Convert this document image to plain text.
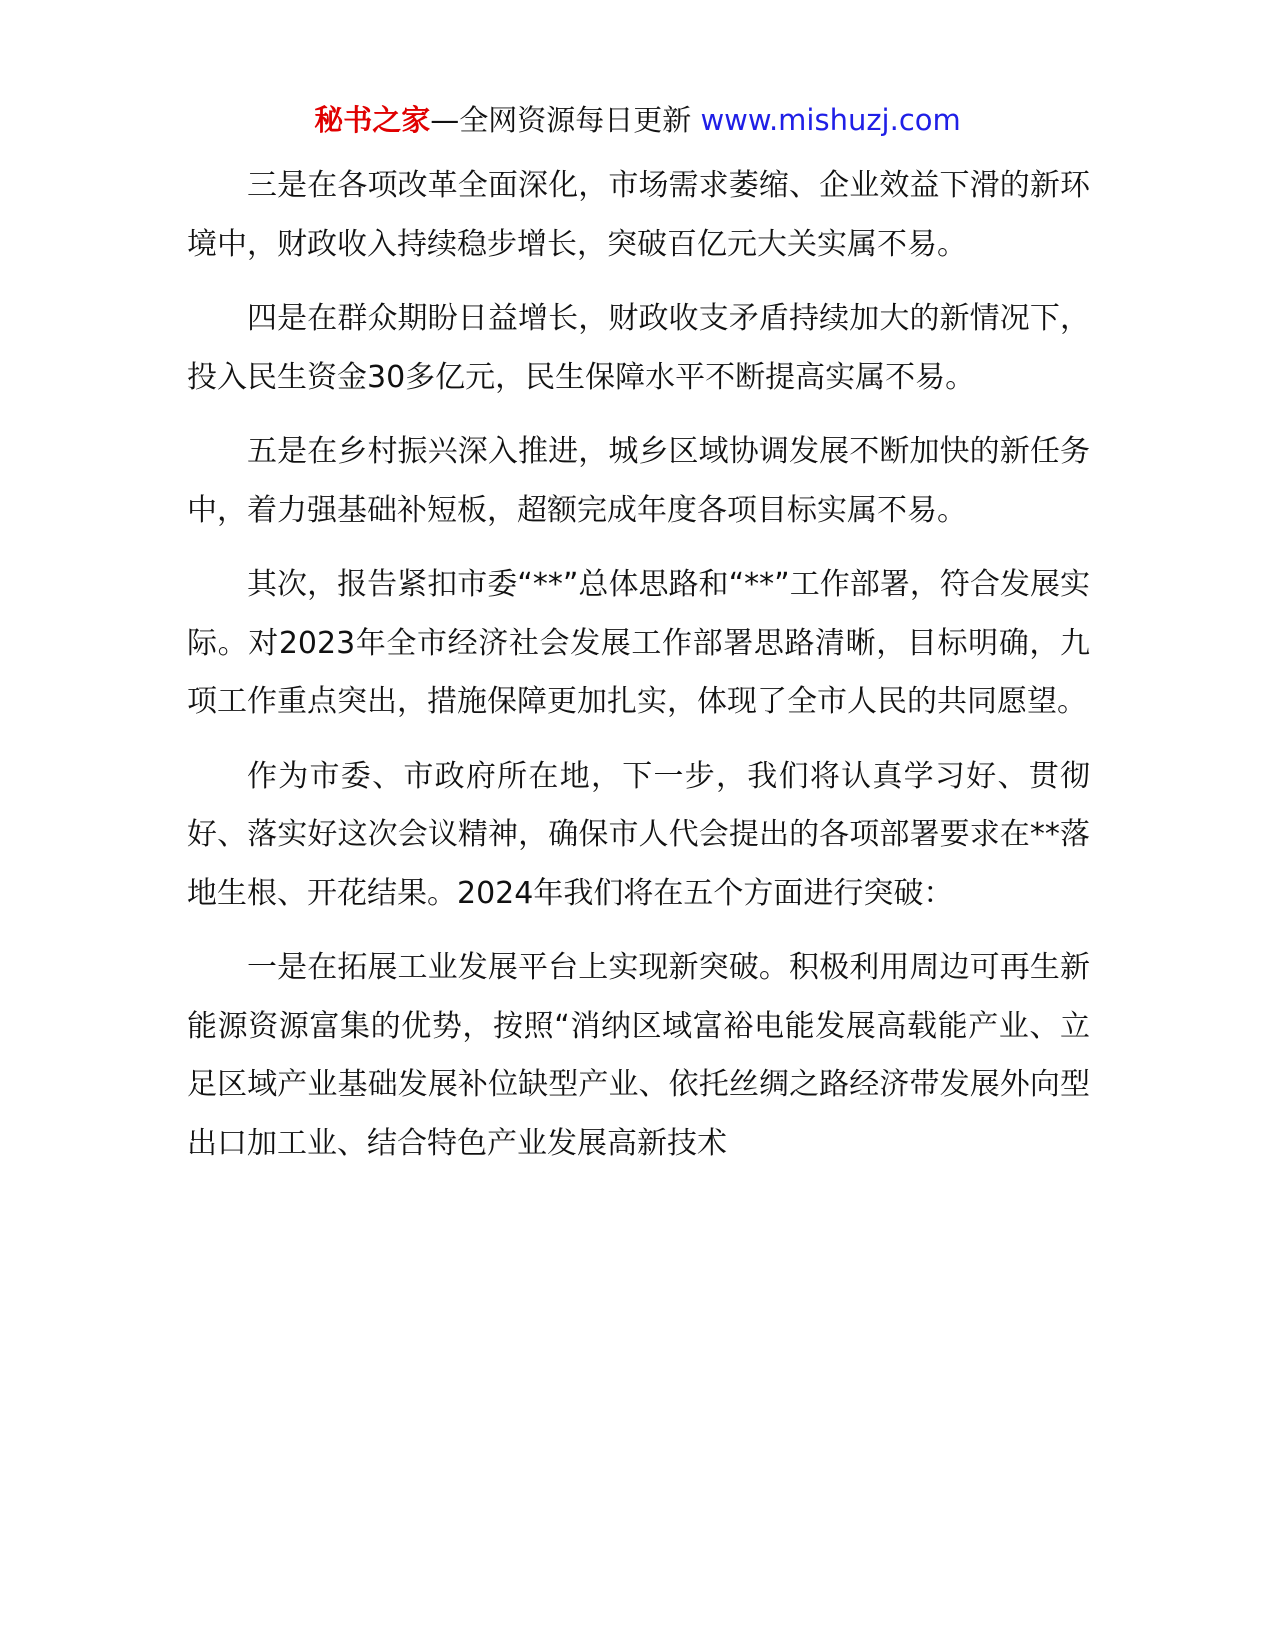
秘书之家—全网资源每日更新 www.mishuzj.com

三是在各项改革全面深化，市场需求萎缩、企业效益下滑的新环境中，财政收入持续稳步增长，突破百亿元大关实属不易。

四是在群众期盼日益增长，财政收支矛盾持续加大的新情况下，投入民生资金30多亿元，民生保障水平不断提高实属不易。

五是在乡村振兴深入推进，城乡区域协调发展不断加快的新任务中，着力强基础补短板，超额完成年度各项目标实属不易。

其次，报告紧扣市委“**”总体思路和“**”工作部署，符合发展实际。对2023年全市经济社会发展工作部署思路清晰，目标明确，九项工作重点突出，措施保障更加扎实，体现了全市人民的共同愿望。

作为市委、市政府所在地，下一步，我们将认真学习好、贯彻好、落实好这次会议精神，确保市人代会提出的各项部署要求在**落地生根、开花结果。2024年我们将在五个方面进行突破：

一是在拓展工业发展平台上实现新突破。积极利用周边可再生新能源资源富集的优势，按照“消纳区域富裕电能发展高载能产业、立足区域产业基础发展补位缺型产业、依托丝绸之路经济带发展外向型出口加工业、结合特色产业发展高新技术
